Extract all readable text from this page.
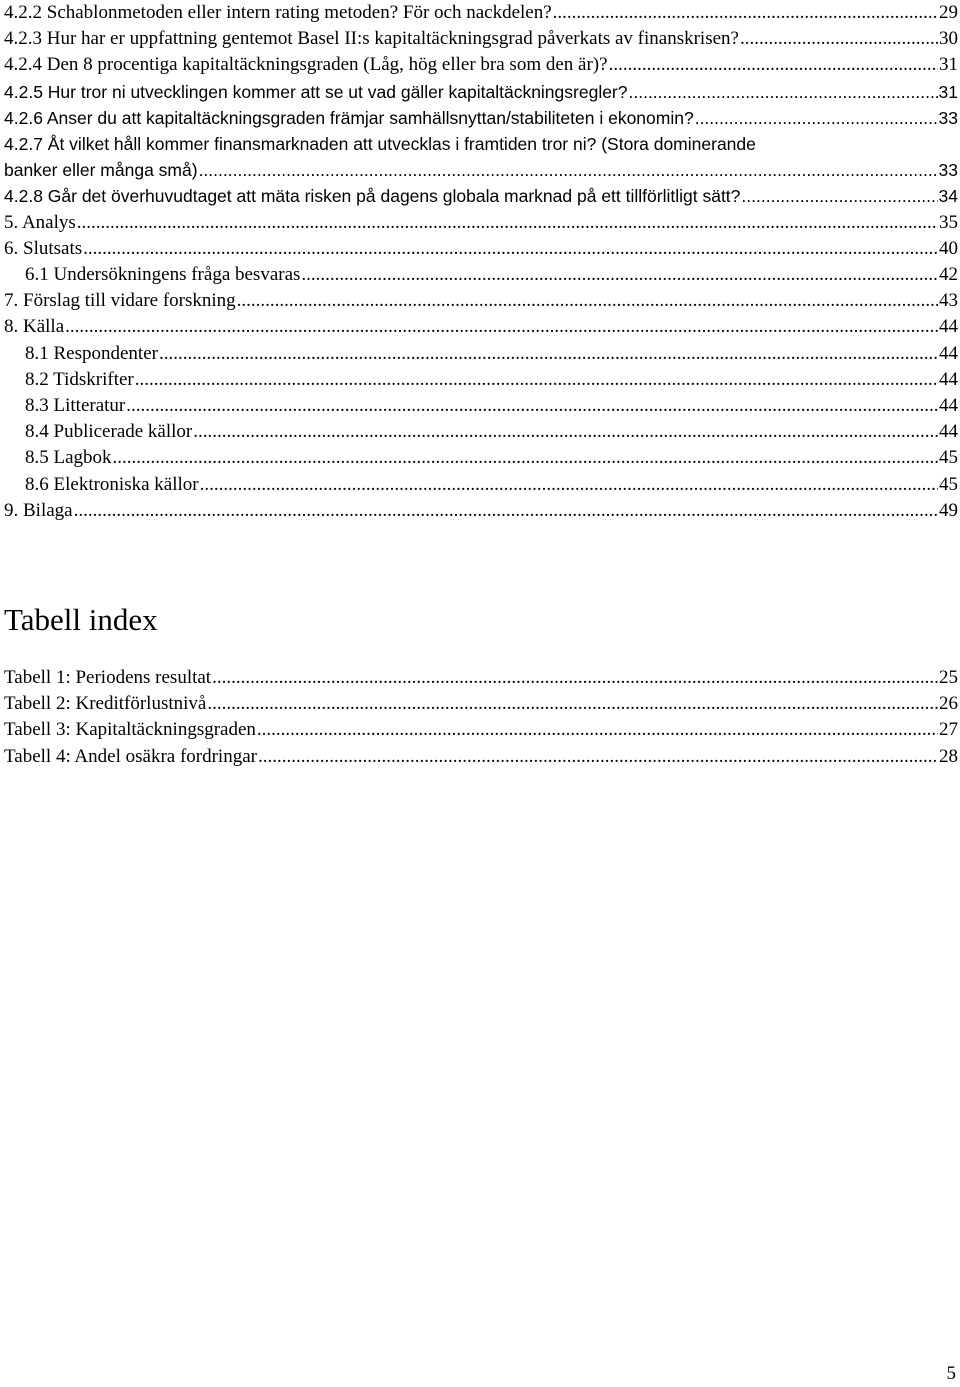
4.2.2 Schablonmetoden eller intern rating metoden? För och nackdelen? .....	29
4.2.3 Hur har er uppfattning gentemot Basel II:s kapitaltäckningsgrad påverkats av finanskrisen? .....	30
4.2.4 Den 8 procentiga kapitaltäckningsgraden (Låg, hög eller bra som den är)? .....	31
4.2.5 Hur tror ni utvecklingen kommer att se ut vad gäller kapitaltäckningsregler? .....	31
4.2.6 Anser du att kapitaltäckningsgraden främjar samhällsnyttan/stabiliteten i ekonomin? .....	33
4.2.7 Åt vilket håll kommer finansmarknaden att utvecklas i framtiden tror ni? (Stora dominerande
banker eller många små) .....	33
4.2.8 Går det överhuvudtaget att mäta risken på dagens globala marknad på ett tillförlitligt sätt? .....	34
5. Analys .....	35
6. Slutsats .....	40
6.1 Undersökningens fråga besvaras .....	42
7. Förslag till vidare forskning .....	43
8. Källa .....	44
8.1 Respondenter .....	44
8.2 Tidskrifter .....	44
8.3 Litteratur .....	44
8.4 Publicerade källor .....	44
8.5 Lagbok .....	45
8.6 Elektroniska källor .....	45
9. Bilaga .....	49
Tabell index
Tabell 1: Periodens resultat .....	25
Tabell 2: Kreditförlustnivå .....	26
Tabell 3: Kapitaltäckningsgraden .....	27
Tabell 4: Andel osäkra fordringar .....	28
5
